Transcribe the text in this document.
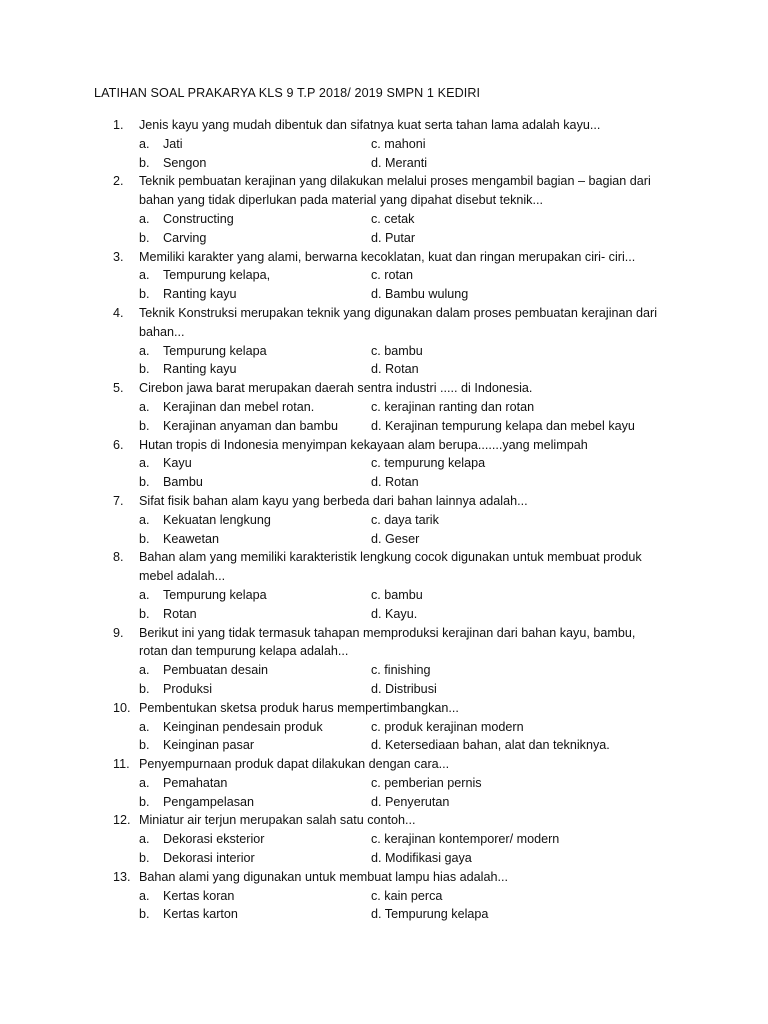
LATIHAN SOAL PRAKARYA KLS 9 T.P 2018/ 2019 SMPN 1 KEDIRI
1.	Jenis kayu yang mudah dibentuk dan sifatnya kuat serta tahan lama adalah kayu...
a. Jati	c. mahoni
b. Sengon	d. Meranti
2.	Teknik pembuatan kerajinan yang dilakukan melalui proses mengambil bagian – bagian dari
bahan yang tidak diperlukan pada material yang dipahat disebut teknik...
a. Constructing	c. cetak
b. Carving	d. Putar
3.	Memiliki karakter yang alami, berwarna kecoklatan, kuat dan ringan merupakan ciri- ciri...
a. Tempurung kelapa,	c. rotan
b. Ranting kayu	d. Bambu wulung
4.	Teknik Konstruksi merupakan teknik yang digunakan dalam proses pembuatan kerajinan dari
bahan...
a. Tempurung kelapa	c. bambu
b. Ranting kayu	d. Rotan
5.	Cirebon jawa barat merupakan daerah sentra industri ..... di Indonesia.
a. Kerajinan dan mebel rotan.	c. kerajinan ranting dan rotan
b. Kerajinan anyaman dan bambu	d. Kerajinan tempurung kelapa dan mebel kayu
6.	Hutan tropis di Indonesia menyimpan kekayaan alam berupa.......yang melimpah
a. Kayu	c. tempurung kelapa
b. Bambu	d. Rotan
7.	Sifat fisik bahan alam kayu yang berbeda dari bahan lainnya adalah...
a. Kekuatan lengkung	c. daya tarik
b. Keawetan	d. Geser
8.	Bahan alam yang memiliki karakteristik lengkung cocok digunakan untuk membuat produk
mebel adalah...
a. Tempurung kelapa	c. bambu
b. Rotan	d. Kayu.
9.	Berikut ini yang tidak termasuk tahapan memproduksi kerajinan dari bahan kayu, bambu,
rotan dan tempurung kelapa adalah...
a. Pembuatan desain	c. finishing
b. Produksi	d. Distribusi
10. Pembentukan sketsa produk harus mempertimbangkan...
a. Keinginan pendesain produk	c. produk kerajinan modern
b. Keinginan pasar	d. Ketersediaan bahan, alat dan tekniknya.
11. Penyempurnaan produk dapat dilakukan dengan cara...
a. Pemahatan	c. pemberian pernis
b. Pengampelasan	d. Penyerutan
12. Miniatur air terjun merupakan salah satu contoh...
a. Dekorasi eksterior	c. kerajinan kontemporer/ modern
b. Dekorasi interior	d. Modifikasi gaya
13. Bahan alami yang digunakan untuk membuat lampu hias adalah...
a. Kertas koran	c. kain perca
b. Kertas karton	d. Tempurung kelapa
